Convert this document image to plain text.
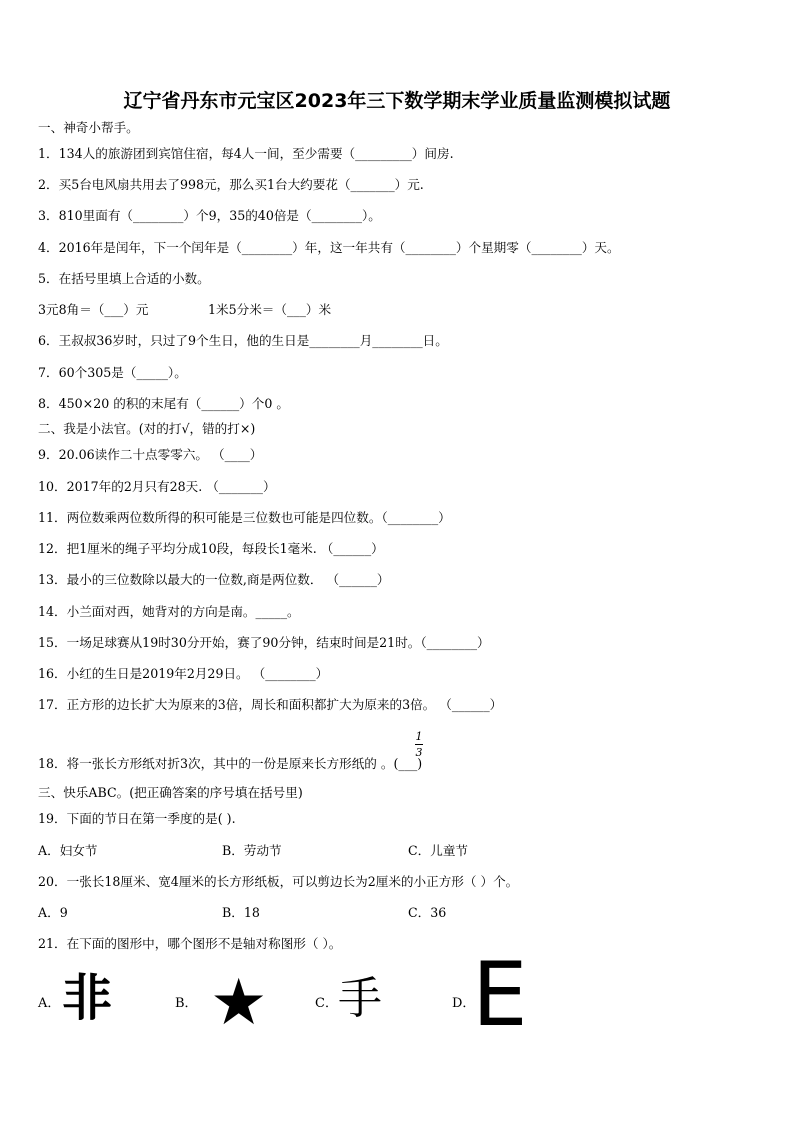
辽宁省丹东市元宝区2023年三下数学期末学业质量监测模拟试题
一、神奇小帮手。
1．134人的旅游团到宾馆住宿，每4人一间，至少需要（_________）间房.
2．买5台电风扇共用去了998元，那么买1台大约要花（_______）元.
3．810里面有（________）个9，35的40倍是（________）。
4．2016年是闰年，下一个闰年是（________）年，这一年共有（________）个星期零（________）天。
5．在括号里填上合适的小数。
3元8角＝（___）元	1米5分米＝（___）米
6．王叔叔36岁时，只过了9个生日，他的生日是________月________日。
7．60个305是（_____）。
8．450×20 的积的末尾有（______）个0 。
二、我是小法官。(对的打√，错的打×)
9．20.06读作二十点零零六。 （____）
10．2017年的2月只有28天. （_______）
11．两位数乘两位数所得的积可能是三位数也可能是四位数。（________）
12．把1厘米的绳子平均分成10段，每段长1毫米. （______）
13．最小的三位数除以最大的一位数,商是两位数． （______）
14．小兰面对西，她背对的方向是南。_____。
15．一场足球赛从19时30分开始，赛了90分钟，结束时间是21时。（________）
16．小红的生日是2019年2月29日。 （________）
17．正方形的边长扩大为原来的3倍，周长和面积都扩大为原来的3倍。 （______）
1
3
18．将一张长方形纸对折3次，其中的一份是原来长方形纸的 。(___)
三、快乐ABC。(把正确答案的序号填在括号里)
19．下面的节日在第一季度的是( ).
A．妇女节	B．劳动节	C．儿童节
20．一张长18厘米、宽4厘米的长方形纸板，可以剪边长为2厘米的小正方形（ ）个。
A．9	B．18	C．36
21．在下面的图形中，哪个图形不是轴对称图形（ ）。
A． 非	B． ★	C． 手	D．
E
